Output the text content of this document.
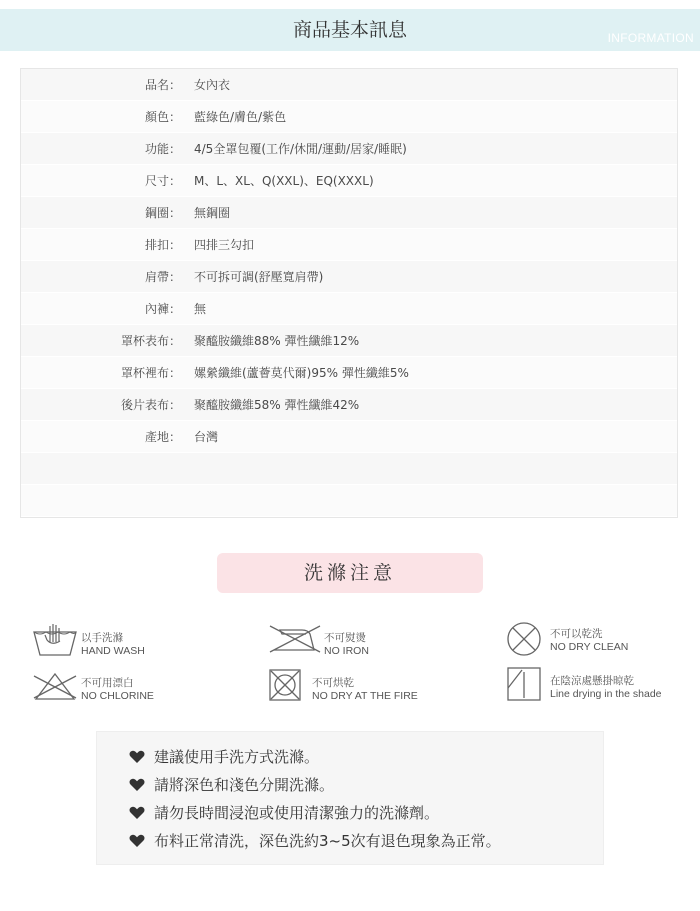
商品基本訊息	INFORMATION
品名： 女內衣
顏色： 藍綠色/膚色/紫色
功能： 4/5全罩包覆(工作/休閒/運動/居家/睡眠)
尺寸： M、L、XL、Q(XXL)、EQ(XXXL)
鋼圈： 無鋼圈
排扣： 四排三勾扣
肩帶： 不可拆可調(舒壓寬肩帶)
內褲： 無
罩杯表布： 聚醯胺纖維88% 彈性纖維12%
罩杯裡布： 嫘縈纖維(蘆薈莫代爾)95% 彈性纖維5%
後片表布： 聚醯胺纖維58% 彈性纖維42%
產地： 台灣
洗滌注意
以手洗滌
HAND WASH
不可熨燙
NO IRON
不可以乾洗
NO DRY CLEAN
不可用漂白
NO CHLORINE
不可烘乾
NO DRY AT THE FIRE
在陰涼處懸掛晾乾
Line drying in the shade
建議使用手洗方式洗滌。
請將深色和淺色分開洗滌。
請勿長時間浸泡或使用清潔強力的洗滌劑。
布料正常清洗，深色洗約3~5次有退色現象為正常。
